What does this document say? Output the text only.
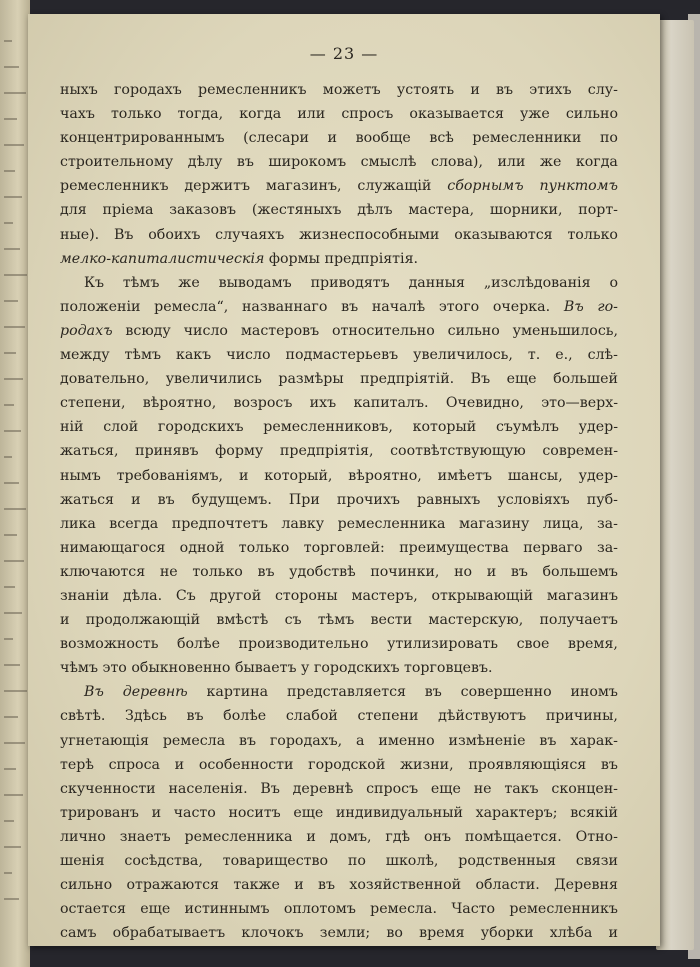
— 23 —
ныхъ городахъ ремесленникъ можетъ устоять и въ этихъ слу-
чахъ только тогда, когда или спросъ оказывается уже сильно
концентрированнымъ (слесари и вообще всѣ ремесленники по
строительному дѣлу въ широкомъ смыслѣ слова), или же когда
ремесленникъ держитъ магазинъ, служащій сборнымъ пунктомъ
для пріема заказовъ (жестяныхъ дѣлъ мастера, шорники, порт-
ные). Въ обоихъ случаяхъ жизнеспособными оказываются только
мелко-капиталистическія формы предпріятія.
Къ тѣмъ же выводамъ приводятъ данныя „изслѣдованія о
положеніи ремесла“, названнаго въ началѣ этого очерка. Въ го-
родахъ всюду число мастеровъ относительно сильно уменьшилось,
между тѣмъ какъ число подмастерьевъ увеличилось, т. е., слѣ-
довательно, увеличились размѣры предпріятій. Въ еще большей
степени, вѣроятно, возросъ ихъ капиталъ. Очевидно, это—верх-
ній слой городскихъ ремесленниковъ, который съумѣлъ удер-
жаться, принявъ форму предпріятія, соотвѣтствующую современ-
нымъ требованіямъ, и который, вѣроятно, имѣетъ шансы, удер-
жаться и въ будущемъ. При прочихъ равныхъ условіяхъ пуб-
лика всегда предпочтетъ лавку ремесленника магазину лица, за-
нимающагося одной только торговлей: преимущества перваго за-
ключаются не только въ удобствѣ починки, но и въ большемъ
знаніи дѣла. Съ другой стороны мастеръ, открывающій магазинъ
и продолжающій вмѣстѣ съ тѣмъ вести мастерскую, получаетъ
возможность болѣе производительно утилизировать свое время,
чѣмъ это обыкновенно бываетъ у городскихъ торговцевъ.
Въ деревнѣ картина представляется въ совершенно иномъ
свѣтѣ. Здѣсь въ болѣе слабой степени дѣйствуютъ причины,
угнетающія ремесла въ городахъ, а именно измѣненіе въ харак-
терѣ спроса и особенности городской жизни, проявляющіяся въ
скученности населенія. Въ деревнѣ спросъ еще не такъ сконцен-
трированъ и часто носитъ еще индивидуальный характеръ; всякій
лично знаетъ ремесленника и домъ, гдѣ онъ помѣщается. Отно-
шенія сосѣдства, товарищество по школѣ, родственныя связи
сильно отражаются также и въ хозяйственной области. Деревня
остается еще истиннымъ оплотомъ ремесла. Часто ремесленникъ
самъ обрабатываетъ клочокъ земли; во время уборки хлѣба и
